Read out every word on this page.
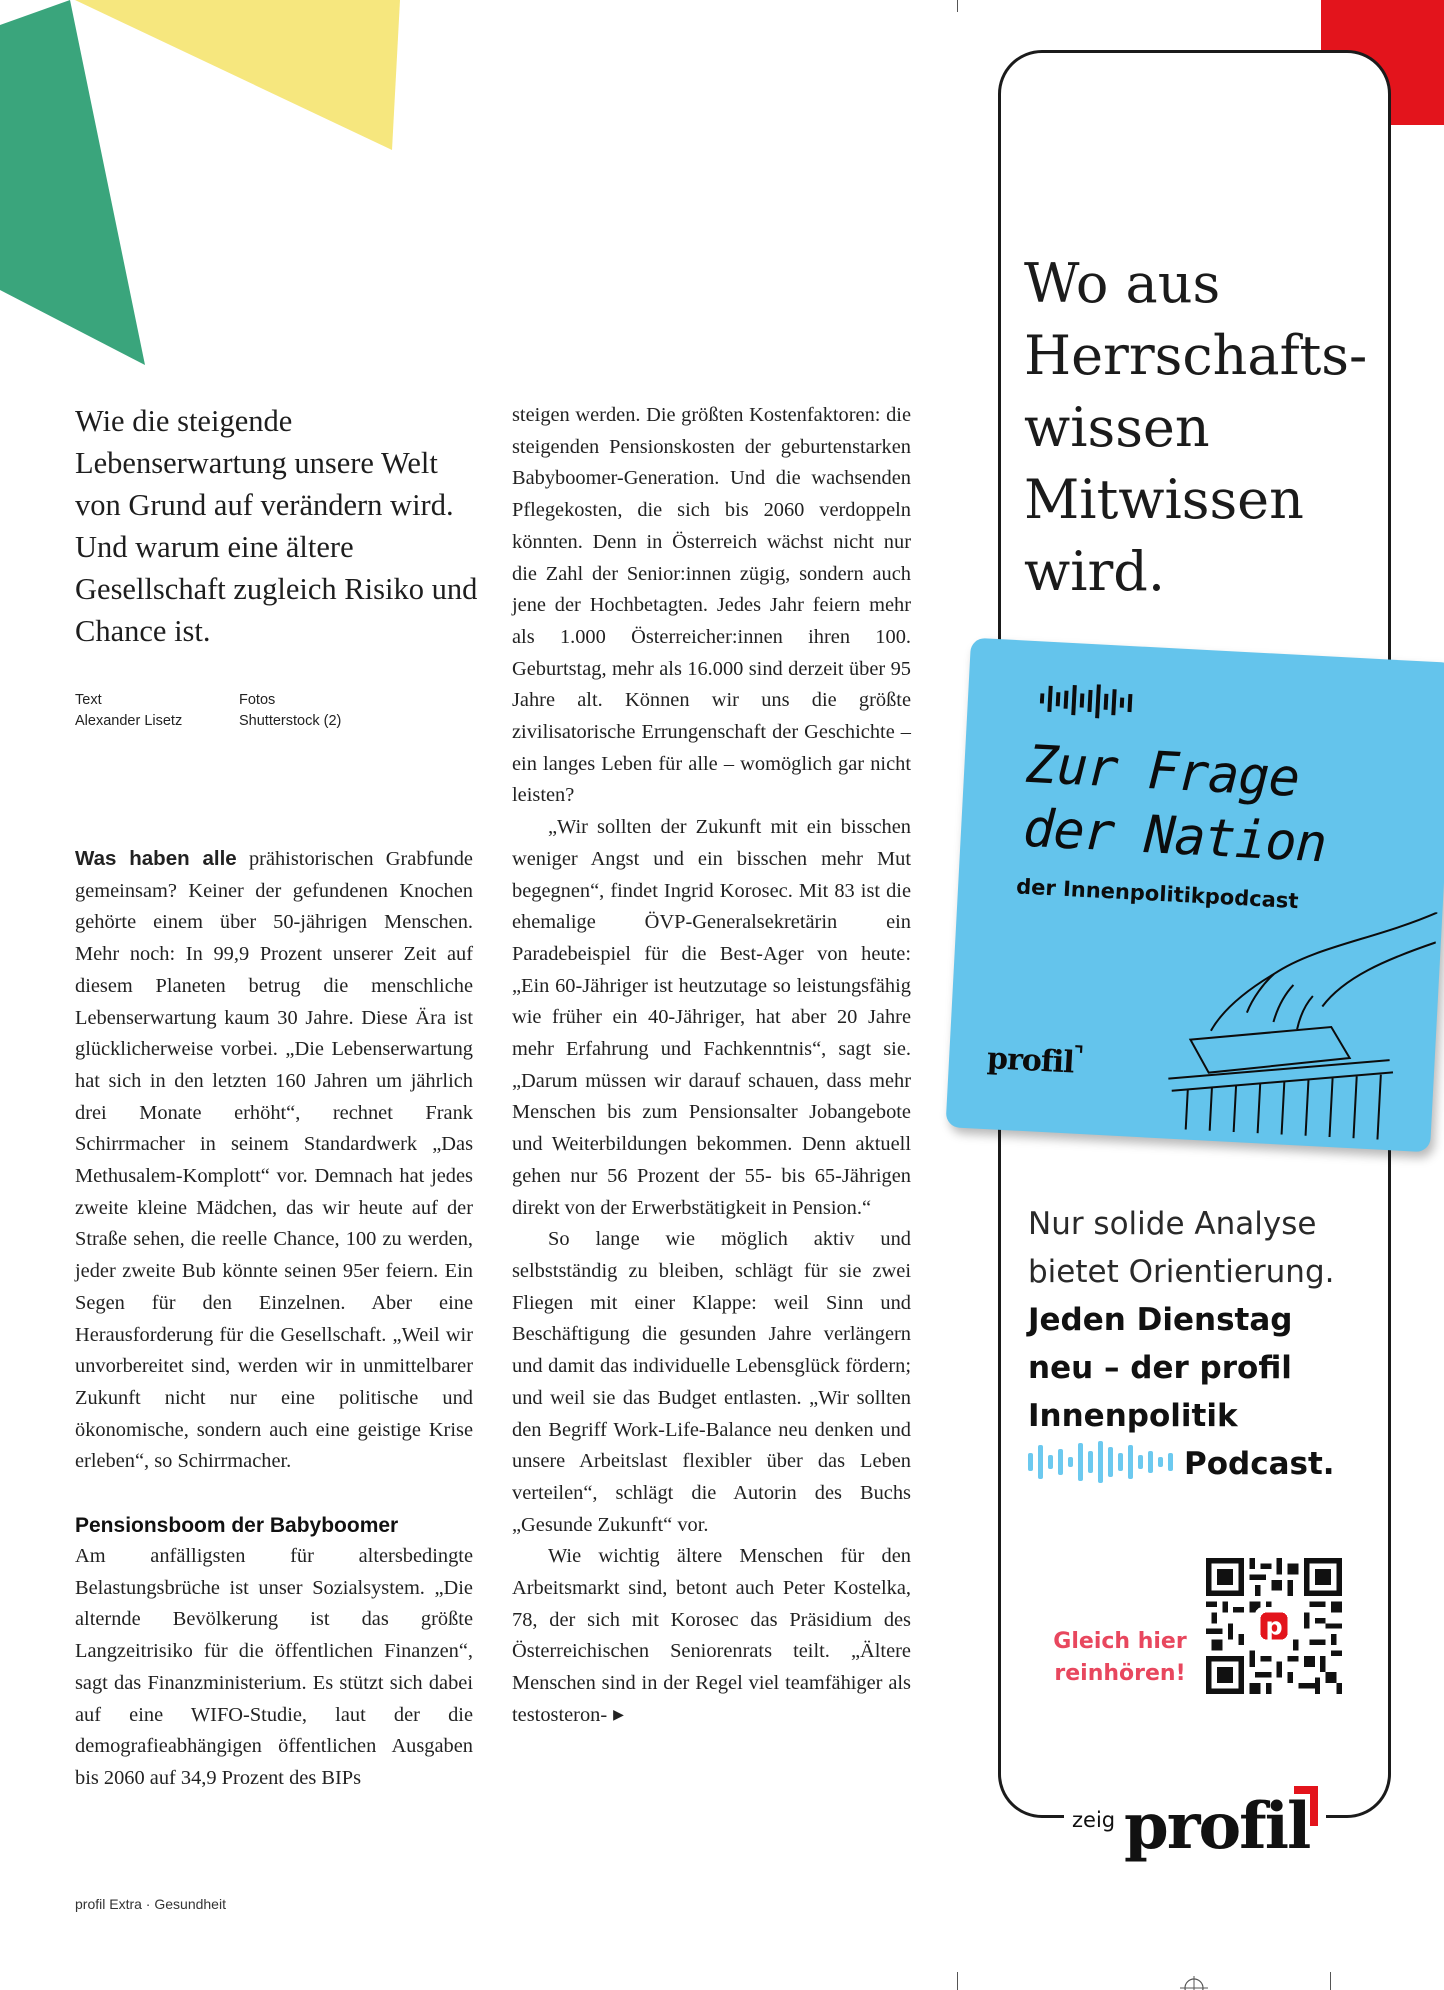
Wie die steigende Lebenserwartung unsere Welt von Grund auf verändern wird. Und warum eine ältere Gesellschaft zugleich Risiko und Chance ist.
Text
Alexander Lisetz
Fotos
Shutterstock (2)

Was haben alle prähistorischen Grabfunde gemeinsam? Keiner der gefundenen Knochen gehörte einem über 50-jährigen Menschen. Mehr noch: In 99,9 Prozent unserer Zeit auf diesem Planeten betrug die menschliche Lebenserwartung kaum 30 Jahre. Diese Ära ist glücklicherweise vorbei. „Die Lebenserwartung hat sich in den letzten 160 Jahren um jährlich drei Monate erhöht“, rechnet Frank Schirrmacher in seinem Standardwerk „Das Methusalem-Komplott“ vor. Demnach hat jedes zweite kleine Mädchen, das wir heute auf der Straße sehen, die reelle Chance, 100 zu werden, jeder zweite Bub könnte seinen 95er feiern. Ein Segen für den Einzelnen. Aber eine Herausforderung für die Gesellschaft. „Weil wir unvorbereitet sind, werden wir in unmittelbarer Zukunft nicht nur eine politische und ökonomische, sondern auch eine geistige Krise erleben“, so Schirrmacher.

Pensionsboom der Babyboomer

Am anfälligsten für altersbedingte Belastungsbrüche ist unser Sozialsystem. „Die alternde Bevölkerung ist das größte Langzeitrisiko für die öffentlichen Finanzen“, sagt das Finanzministerium. Es stützt sich dabei auf eine WIFO-Studie, laut der die demografieabhängigen öffentlichen Ausgaben bis 2060 auf 34,9 Prozent des BIPs

steigen werden. Die größten Kostenfaktoren: die steigenden Pensionskosten der geburtenstarken Babyboomer-Generation. Und die wachsenden Pflegekosten, die sich bis 2060 verdoppeln könnten. Denn in Österreich wächst nicht nur die Zahl der Senior:innen zügig, sondern auch jene der Hochbetagten. Jedes Jahr feiern mehr als 1.000 Österreicher:innen ihren 100. Geburtstag, mehr als 16.000 sind derzeit über 95 Jahre alt. Können wir uns die größte zivilisatorische Errungenschaft der Geschichte – ein langes Leben für alle – womöglich gar nicht leisten?

„Wir sollten der Zukunft mit ein bisschen weniger Angst und ein bisschen mehr Mut begegnen“, findet Ingrid Korosec. Mit 83 ist die ehemalige ÖVP-Generalsekretärin ein Paradebeispiel für die Best-Ager von heute: „Ein 60-Jähriger ist heutzutage so leistungsfähig wie früher ein 40-Jähriger, hat aber 20 Jahre mehr Erfahrung und Fachkenntnis“, sagt sie. „Darum müssen wir darauf schauen, dass mehr Menschen bis zum Pensionsalter Jobangebote und Weiterbildungen bekommen. Denn aktuell gehen nur 56 Prozent der 55- bis 65-Jährigen direkt von der Erwerbstätigkeit in Pension.“

So lange wie möglich aktiv und selbstständig zu bleiben, schlägt für sie zwei Fliegen mit einer Klappe: weil Sinn und Beschäftigung die gesunden Jahre verlängern und damit das individuelle Lebensglück fördern; und weil sie das Budget entlasten. „Wir sollten den Begriff Work-Life-Balance neu denken und unsere Arbeitslast flexibler über das Leben verteilen“, schlägt die Autorin des Buchs „Gesunde Zukunft“ vor.

Wie wichtig ältere Menschen für den Arbeitsmarkt sind, betont auch Peter Kostelka, 78, der sich mit Korosec das Präsidium des Österreichischen Seniorenrats teilt. „Ältere Menschen sind in der Regel viel teamfähiger als testosteron- ▶

profil Extra · Gesundheit
Wo aus
Herrschafts-
wissen
Mitwissen
wird.
Zur Frage
der Nation
der Innenpolitikpodcast
profil⌝
Nur solide Analyse
bietet Orientierung.
Jeden Dienstag
neu – der profil
Innenpolitik
Podcast.
Gleich hier reinhören!
p
zeig profil
